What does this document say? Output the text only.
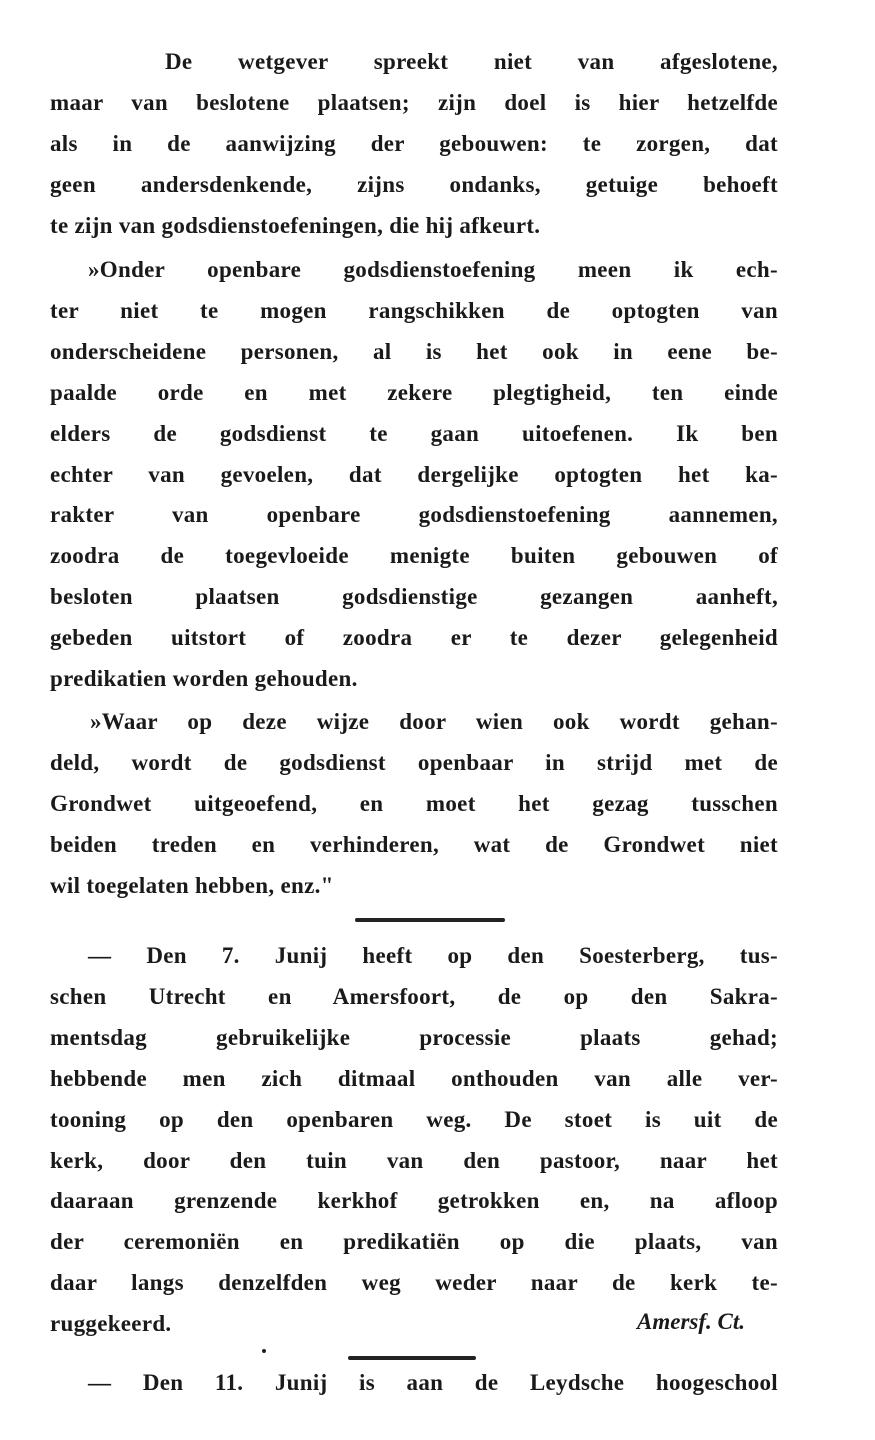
De wetgever spreekt niet van afgeslotene,
maar van beslotene plaatsen; zijn doel is hier hetzelfde
als in de aanwijzing der gebouwen: te zorgen, dat
geen andersdenkende, zijns ondanks, getuige behoeft
te zijn van godsdienstoefeningen, die hij afkeurt.
»Onder openbare godsdienstoefening meen ik ech-
ter niet te mogen rangschikken de optogten van
onderscheidene personen, al is het ook in eene be-
paalde orde en met zekere plegtigheid, ten einde
elders de godsdienst te gaan uitoefenen. Ik ben
echter van gevoelen, dat dergelijke optogten het ka-
rakter van openbare godsdienstoefening aannemen,
zoodra de toegevloeide menigte buiten gebouwen of
besloten plaatsen godsdienstige gezangen aanheft,
gebeden uitstort of zoodra er te dezer gelegenheid
predikatien worden gehouden.
»Waar op deze wijze door wien ook wordt gehan-
deld, wordt de godsdienst openbaar in strijd met de
Grondwet uitgeoefend, en moet het gezag tusschen
beiden treden en verhinderen, wat de Grondwet niet
wil toegelaten hebben, enz."
— Den 7. Junij heeft op den Soesterberg, tus-
schen Utrecht en Amersfoort, de op den Sakra-
mentsdag gebruikelijke processie plaats gehad;
hebbende men zich ditmaal onthouden van alle ver-
tooning op den openbaren weg. De stoet is uit de
kerk, door den tuin van den pastoor, naar het
daaraan grenzende kerkhof getrokken en, na afloop
der ceremoniën en predikatiën op die plaats, van
daar langs denzelfden weg weder naar de kerk te-
ruggekeerd.
— Den 11. Junij is aan de Leydsche hoogeschool
Amersf. Ct.
